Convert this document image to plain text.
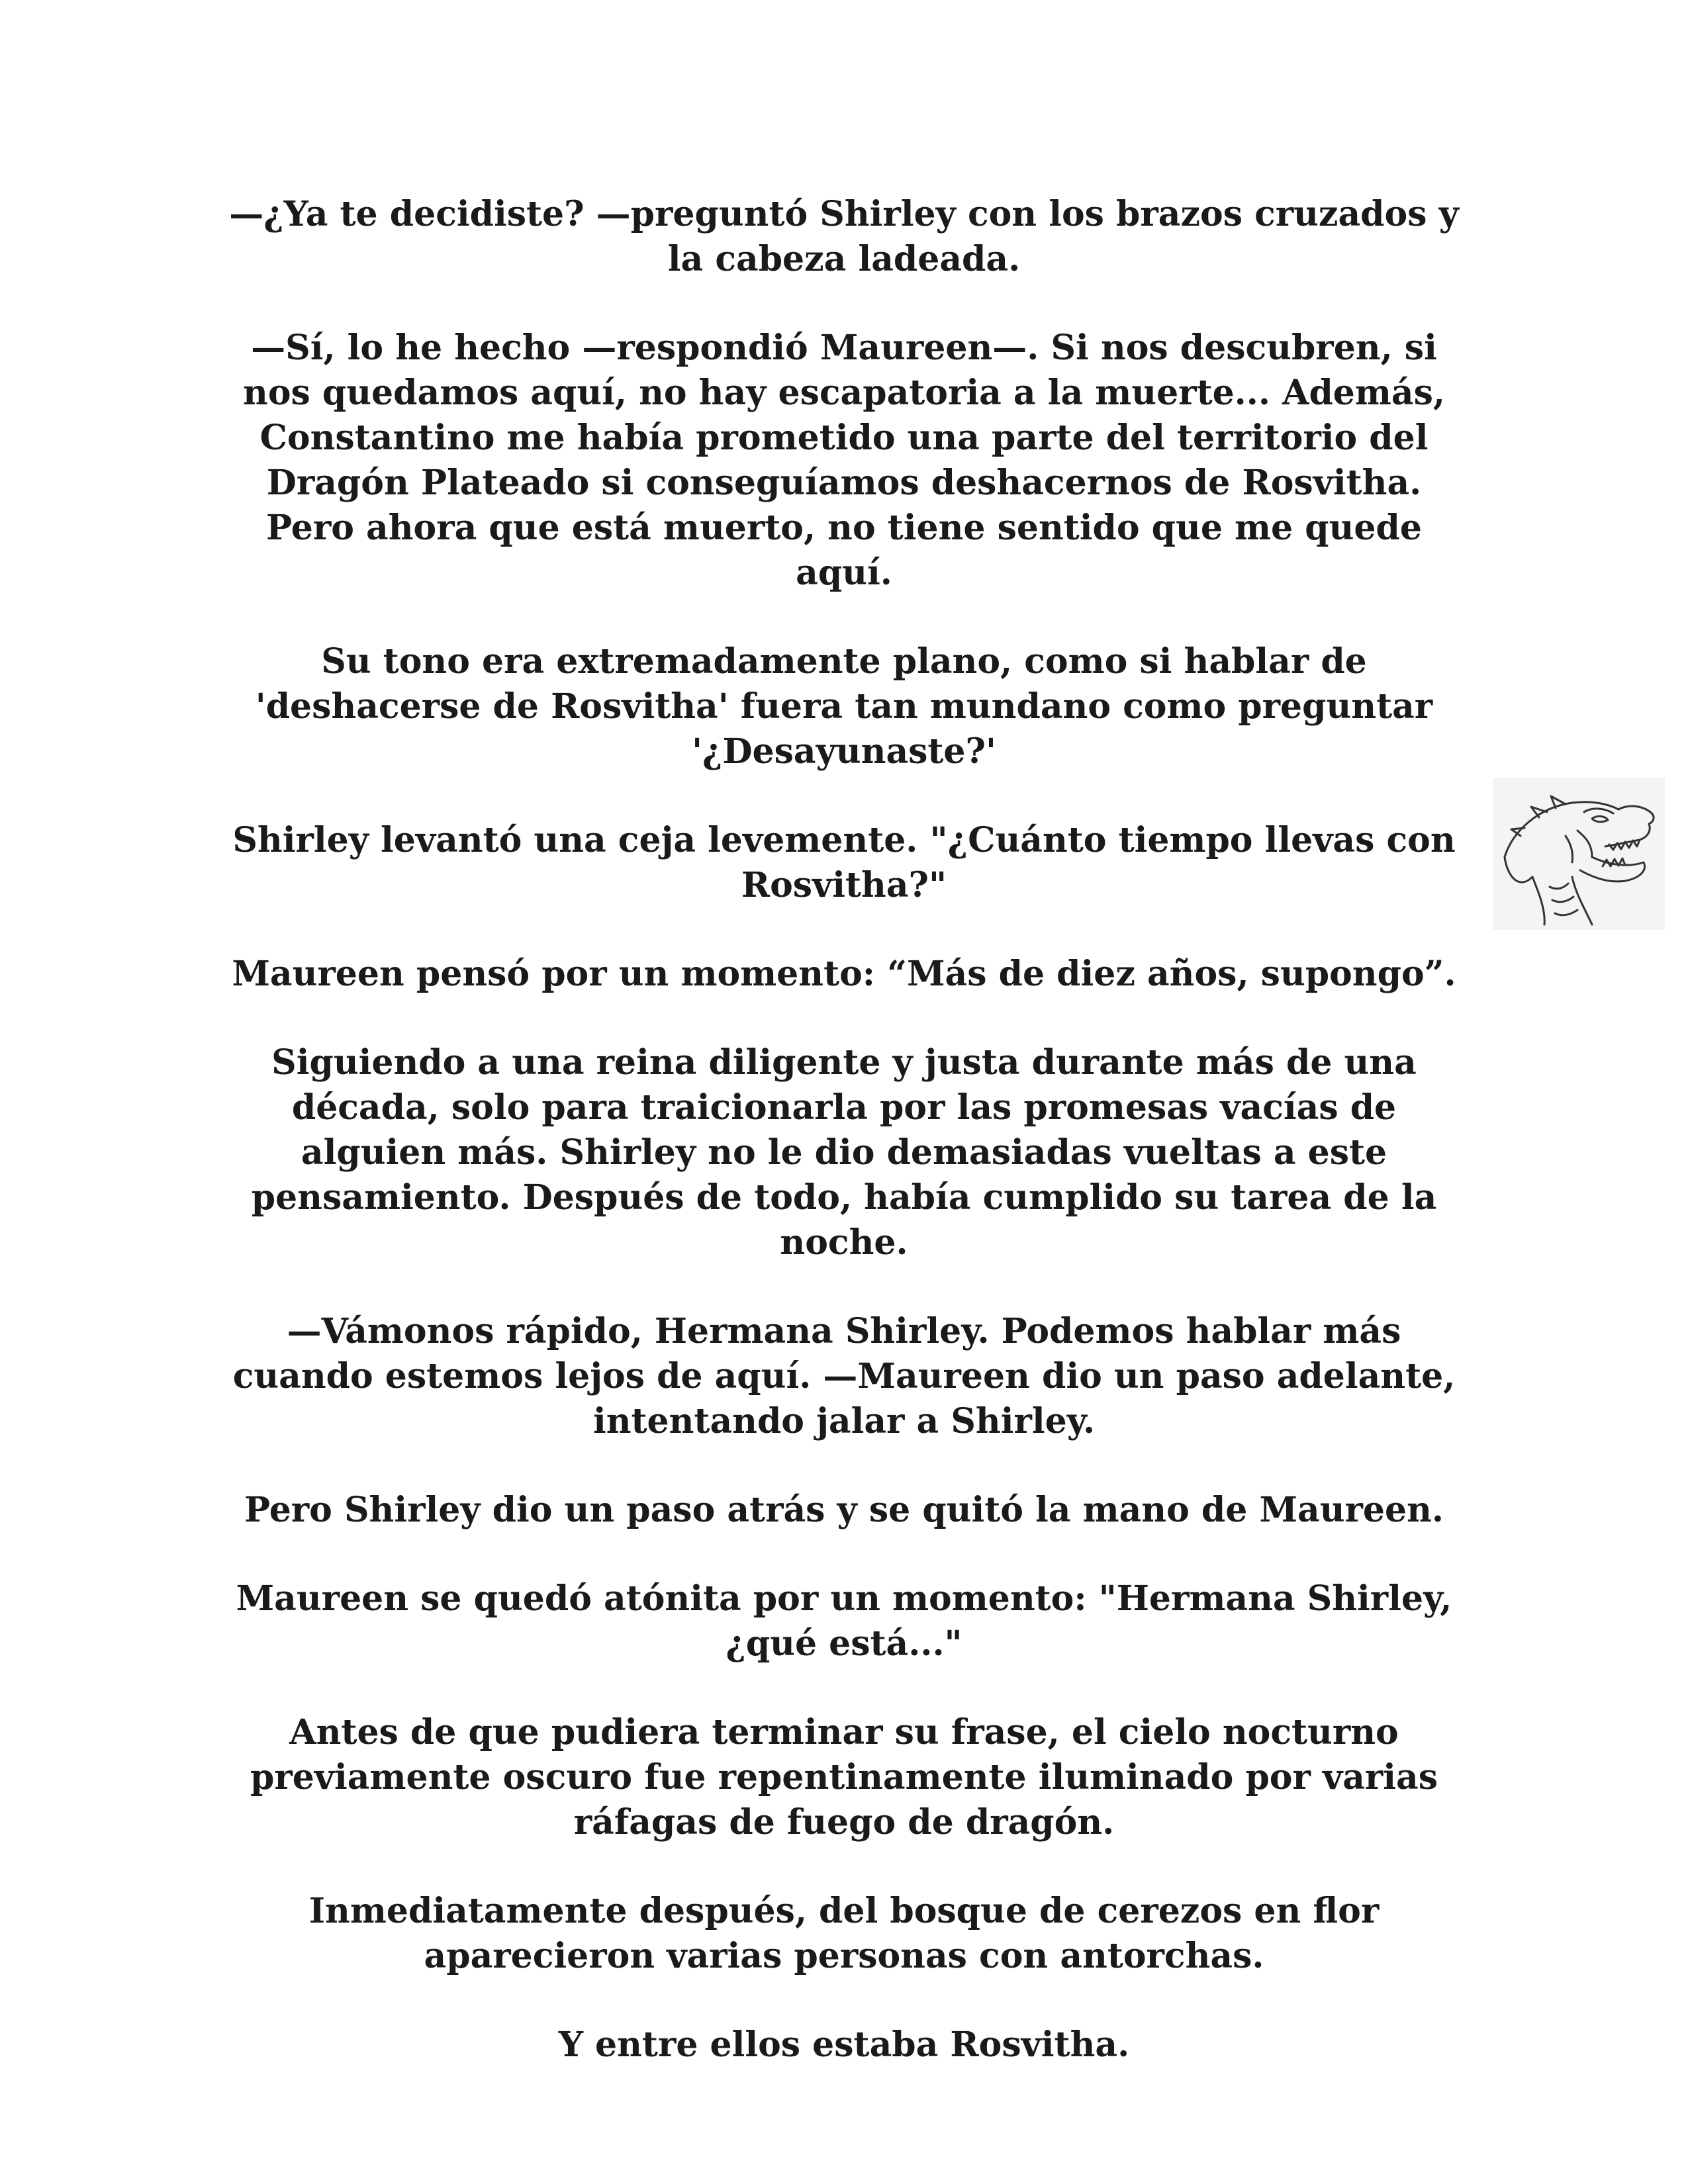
—¿Ya te decidiste? —preguntó Shirley con los brazos cruzados y la cabeza ladeada.

—Sí, lo he hecho —respondió Maureen—. Si nos descubren, si nos quedamos aquí, no hay escapatoria a la muerte... Además, Constantino me había prometido una parte del territorio del Dragón Plateado si conseguíamos deshacernos de Rosvitha. Pero ahora que está muerto, no tiene sentido que me quede aquí.

Su tono era extremadamente plano, como si hablar de 'deshacerse de Rosvitha' fuera tan mundano como preguntar '¿Desayunaste?'

Shirley levantó una ceja levemente. "¿Cuánto tiempo llevas con Rosvitha?"

Maureen pensó por un momento: “Más de diez años, supongo”.

Siguiendo a una reina diligente y justa durante más de una década, solo para traicionarla por las promesas vacías de alguien más. Shirley no le dio demasiadas vueltas a este pensamiento. Después de todo, había cumplido su tarea de la noche.

—Vámonos rápido, Hermana Shirley. Podemos hablar más cuando estemos lejos de aquí. —Maureen dio un paso adelante, intentando jalar a Shirley.

Pero Shirley dio un paso atrás y se quitó la mano de Maureen.

Maureen se quedó atónita por un momento: "Hermana Shirley, ¿qué está..."

Antes de que pudiera terminar su frase, el cielo nocturno previamente oscuro fue repentinamente iluminado por varias ráfagas de fuego de dragón.

Inmediatamente después, del bosque de cerezos en flor aparecieron varias personas con antorchas.

Y entre ellos estaba Rosvitha.
